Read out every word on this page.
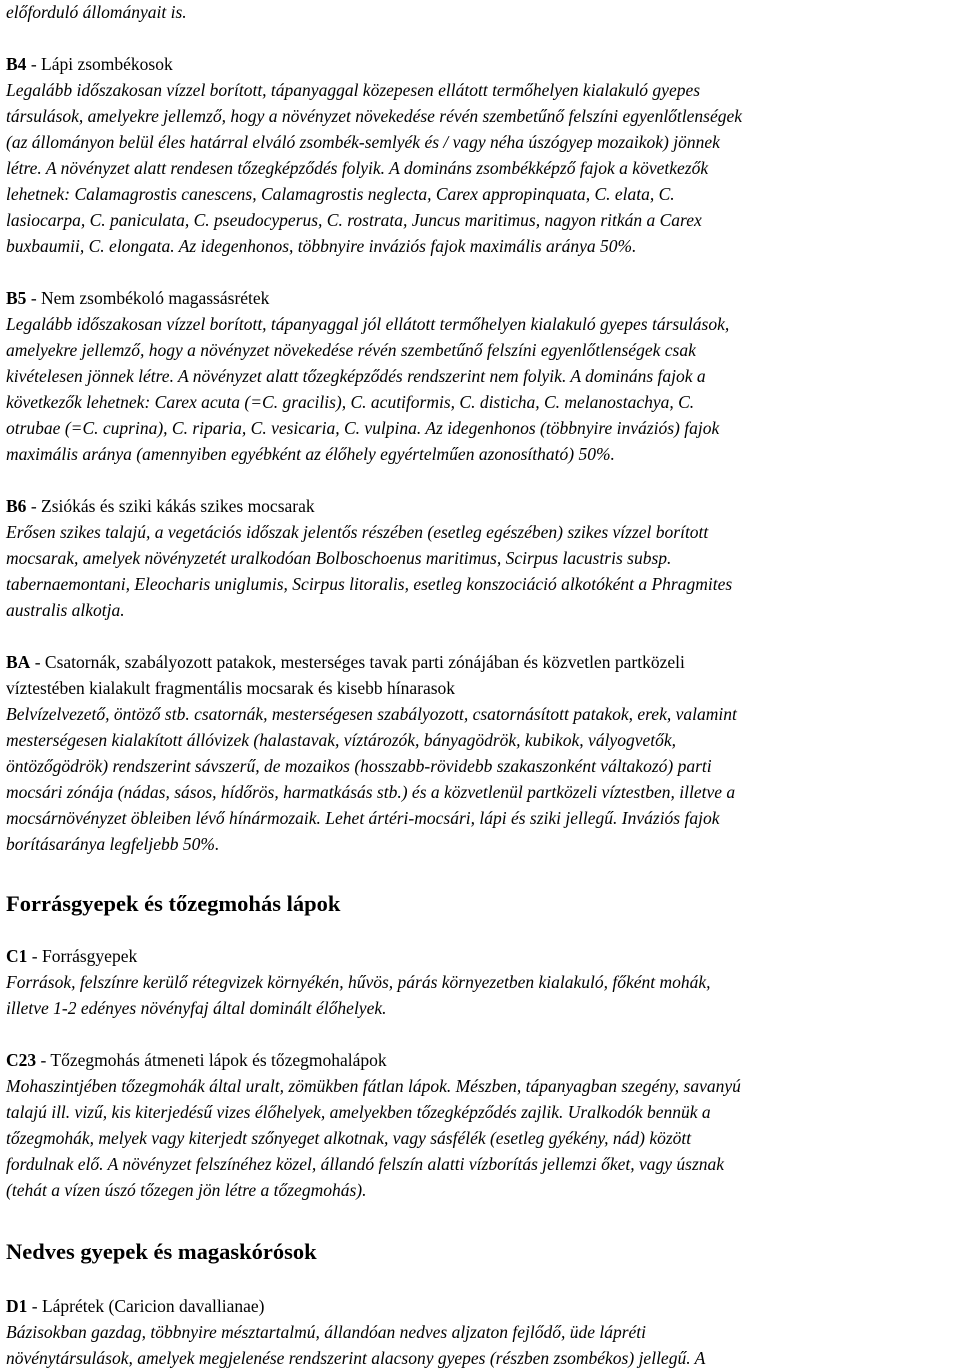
előforduló állományait is.
B4 - Lápi zsombékosok
Legalább időszakosan vízzel borított, tápanyaggal közepesen ellátott termőhelyen kialakuló gyepes
társulások, amelyekre jellemző, hogy a növényzet növekedése révén szembetűnő felszíni egyenlőtlenségek
(az állományon belül éles határral elváló zsombék-semlyék és / vagy néha úszógyep mozaikok) jönnek
létre. A növényzet alatt rendesen tőzegképződés folyik. A domináns zsombékképző fajok a következők
lehetnek: Calamagrostis canescens, Calamagrostis neglecta, Carex appropinquata, C. elata, C.
lasiocarpa, C. paniculata, C. pseudocyperus, C. rostrata, Juncus maritimus, nagyon ritkán a Carex
buxbaumii, C. elongata. Az idegenhonos, többnyire inváziós fajok maximális aránya 50%.
B5 - Nem zsombékoló magassásrétek
Legalább időszakosan vízzel borított, tápanyaggal jól ellátott termőhelyen kialakuló gyepes társulások,
amelyekre jellemző, hogy a növényzet növekedése révén szembetűnő felszíni egyenlőtlenségek csak
kivételesen jönnek létre. A növényzet alatt tőzegképződés rendszerint nem folyik. A domináns fajok a
következők lehetnek: Carex acuta (=C. gracilis), C. acutiformis, C. disticha, C. melanostachya, C.
otrubae (=C. cuprina), C. riparia, C. vesicaria, C. vulpina. Az idegenhonos (többnyire inváziós) fajok
maximális aránya (amennyiben egyébként az élőhely egyértelműen azonosítható) 50%.
B6 - Zsiókás és sziki kákás szikes mocsarak
Erősen szikes talajú, a vegetációs időszak jelentős részében (esetleg egészében) szikes vízzel borított
mocsarak, amelyek növényzetét uralkodóan Bolboschoenus maritimus, Scirpus lacustris subsp.
tabernaemontani, Eleocharis uniglumis, Scirpus litoralis, esetleg konszociáció alkotóként a Phragmites
australis alkotja.
BA - Csatornák, szabályozott patakok, mesterséges tavak parti zónájában és közvetlen partközeli
víztestében kialakult fragmentális mocsarak és kisebb hínarasok
Belvízelvezető, öntöző stb. csatornák, mesterségesen szabályozott, csatornásított patakok, erek, valamint
mesterségesen kialakított állóvizek (halastavak, víztározók, bányagödrök, kubikok, vályogvetők,
öntözőgödrök) rendszerint sávszerű, de mozaikos (hosszabb-rövidebb szakaszonként váltakozó) parti
mocsári zónája (nádas, sásos, hídőrös, harmatkásás stb.) és a közvetlenül partközeli víztestben, illetve a
mocsárnövényzet öbleiben lévő hínármozaik. Lehet ártéri-mocsári, lápi és sziki jellegű. Inváziós fajok
borításaránya legfeljebb 50%.
Forrásgyepek és tőzegmohás lápok
C1 - Forrásgyepek
Források, felszínre kerülő rétegvizek környékén, hűvös, párás környezetben kialakuló, főként mohák,
illetve 1-2 edényes növényfaj által dominált élőhelyek.
C23 - Tőzegmohás átmeneti lápok és tőzegmohalápok
Mohaszintjében tőzegmohák által uralt, zömükben fátlan lápok. Mészben, tápanyagban szegény, savanyú
talajú ill. vizű, kis kiterjedésű vizes élőhelyek, amelyekben tőzegképződés zajlik. Uralkodók bennük a
tőzegmohák, melyek vagy kiterjedt szőnyeget alkotnak, vagy sásfélék (esetleg gyékény, nád) között
fordulnak elő. A növényzet felszínéhez közel, állandó felszín alatti vízborítás jellemzi őket, vagy úsznak
(tehát a vízen úszó tőzegen jön létre a tőzegmohás).
Nedves gyepek és magaskórósok
D1 - Láprétek (Caricion davallianae)
Bázisokban gazdag, többnyire mésztartalmú, állandóan nedves aljzaton fejlődő, üde lápréti
növénytársulások, amelyek megjelenése rendszerint alacsony gyepes (részben zsombékos) jellegű. A
